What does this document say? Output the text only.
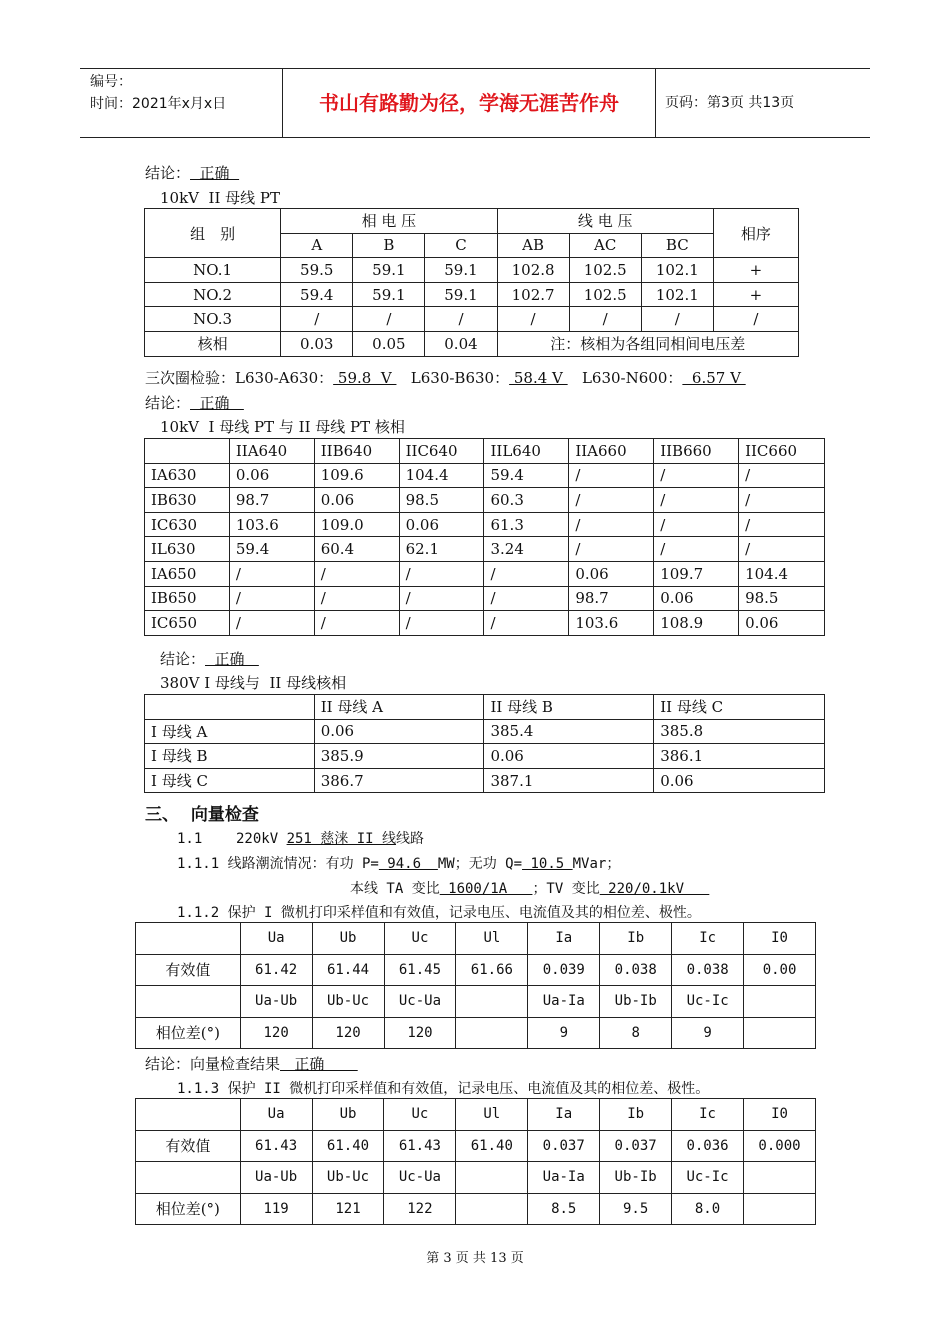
编号：
时间：2021年x月x日	书山有路勤为径，学海无涯苦作舟	页码：第3页 共13页
结论：  正确
10kV  II 母线 PT
组　别	相 电 压			线 电 压			相序
	A	B	C	AB	AC	BC	
NO.1	59.5	59.1	59.1	102.8	102.5	102.1	+
NO.2	59.4	59.1	59.1	102.7	102.5	102.1	+
NO.3	/	/	/	/	/	/	/
核相	0.03	0.05	0.04	注：核相为各组同相间电压差			
三次圈检验：L630-A630： 59.8  V    L630-B630： 58.4 V    L630-N600：  6.57 V
结论：  正确
10kV  I 母线 PT 与 II 母线 PT 核相
	IIA640	IIB640	IIC640	IIL640	IIA660	IIB660	IIC660
IA630	0.06	109.6	104.4	59.4	/	/	/
IB630	98.7	0.06	98.5	60.3	/	/	/
IC630	103.6	109.0	0.06	61.3	/	/	/
IL630	59.4	60.4	62.1	3.24	/	/	/
IA650	/	/	/	/	0.06	109.7	104.4
IB650	/	/	/	/	98.7	0.06	98.5
IC650	/	/	/	/	103.6	108.9	0.06
结论：  正确
380V I 母线与  II 母线核相
	II 母线 A	II 母线 B	II 母线 C
I 母线 A	0.06	385.4	385.8
I 母线 B	385.9	0.06	386.1
I 母线 C	386.7	387.1	0.06
三、 向量检查
1.1    220kV 251 慈涞 II 线线路
1.1.1 线路潮流情况：有功 P= 94.6  MW；无功 Q= 10.5 MVar；
本线 TA 变比 1600/1A   ；TV 变比 220/0.1kV
1.1.2 保护 I 微机打印采样值和有效值，记录电压、电流值及其的相位差、极性。
	Ua	Ub	Uc	Ul	Ia	Ib	Ic	I0
有效值	61.42	61.44	61.45	61.66	0.039	0.038	0.038	0.00
	Ua-Ub	Ub-Uc	Uc-Ua		Ua-Ia	Ub-Ib	Uc-Ic	
相位差(°)	120	120	120		9	8	9	
结论：向量检查结果   正确
1.1.3 保护 II 微机打印采样值和有效值，记录电压、电流值及其的相位差、极性。
	Ua	Ub	Uc	Ul	Ia	Ib	Ic	I0
有效值	61.43	61.40	61.43	61.40	0.037	0.037	0.036	0.000
	Ua-Ub	Ub-Uc	Uc-Ua		Ua-Ia	Ub-Ib	Uc-Ic	
相位差(°)	119	121	122		8.5	9.5	8.0	
第 3 页 共 13 页
